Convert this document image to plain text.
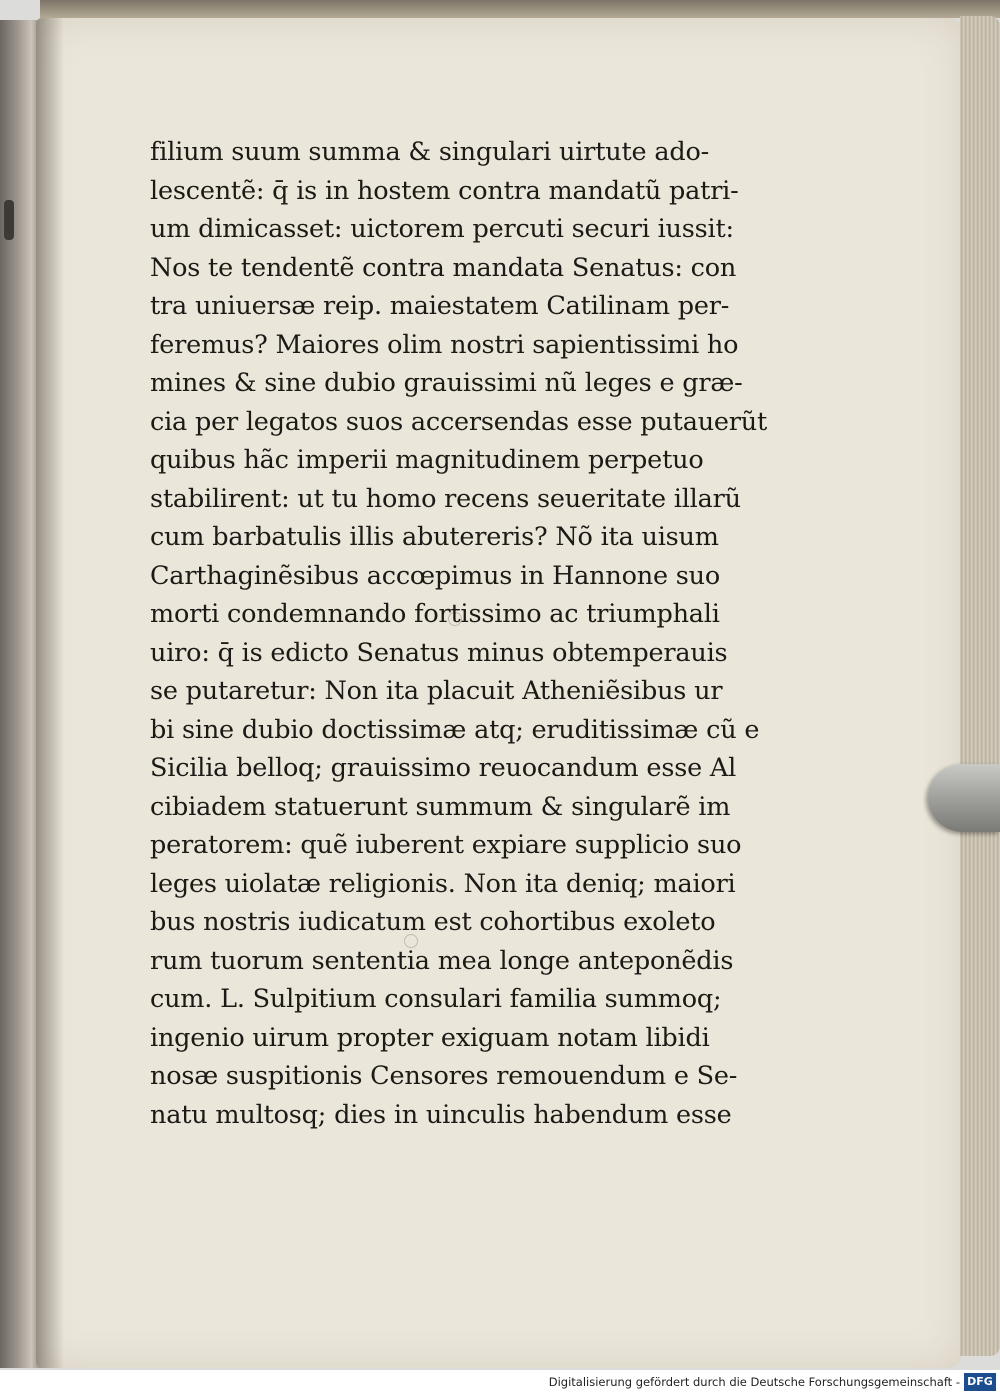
filium suum summa & singulari uirtute ado-
lescentẽ: q̄ is in hostem contra mandatũ patri-
um dimicasset: uictorem percuti securi iussit:
Nos te tendentẽ contra mandata Senatus: con
tra uniuersæ reip. maiestatem Catilinam per-
feremus? Maiores olim nostri sapientissimi ho
mines & sine dubio grauissimi nũ leges e græ-
cia per legatos suos accersendas esse putauerũt
quibus hãc imperii magnitudinem perpetuo
stabilirent: ut tu homo recens seueritate illarũ
cum barbatulis illis abutereris? Nõ ita uisum
Carthaginẽsibus accœpimus in Hannone suo
morti condemnando fortissimo ac triumphali
uiro: q̄ is edicto Senatus minus obtemperauis
se putaretur: Non ita placuit Atheniẽsibus ur
bi sine dubio doctissimæ atq; eruditissimæ cũ e
Sicilia belloq; grauissimo reuocandum esse Al
cibiadem statuerunt summum & singularẽ im
peratorem: quẽ iuberent expiare supplicio suo
leges uiolatæ religionis. Non ita deniq; maiori
bus nostris iudicatum est cohortibus exoleto
rum tuorum sententia mea longe anteponẽdis
cum. L. Sulpitium consulari familia summoq;
ingenio uirum propter exiguam notam libidi
nosæ suspitionis Censores remouendum e Se-
natu multosq; dies in uinculis habendum esse
Digitalisierung gefördert durch die Deutsche Forschungsgemeinschaft - DFG
